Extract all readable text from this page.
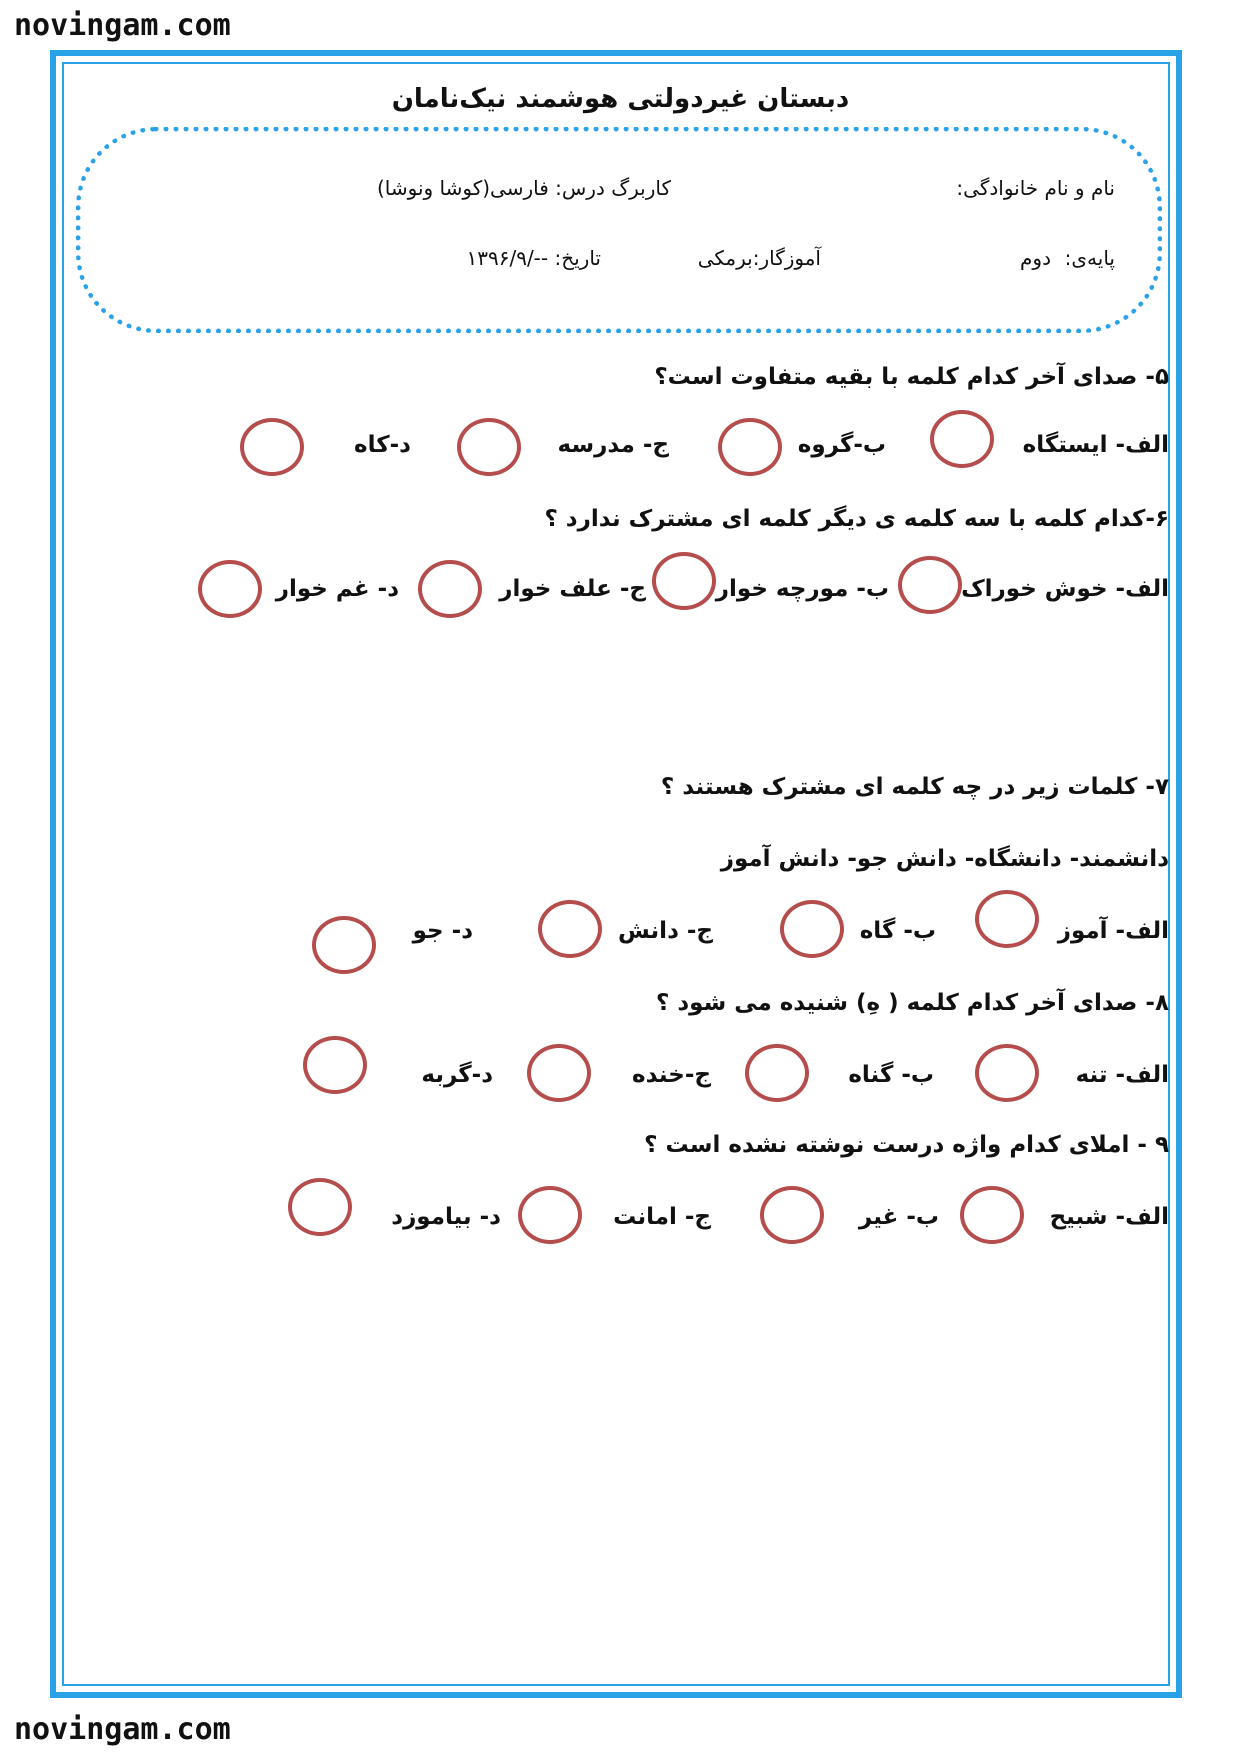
novingam.com
novingam.com
دبستان غیردولتی هوشمند نیک‌نامان
نام و نام خانوادگی:
کاربرگ درس: فارسی(کوشا ونوشا)
پایه‌ی:
دوم
آموزگار:برمکی
تاریخ: --/۱۳۹۶/۹
۵- صدای آخر کدام کلمه با بقیه متفاوت است؟
الف- ایستگاه
ب-گروه
ج- مدرسه
د-کاه
۶-کدام کلمه با سه کلمه ی دیگر کلمه ای مشترک ندارد ؟
الف- خوش خوراک
ب- مورچه خوار
ج- علف خوار
د- غم خوار
۷- کلمات زیر در چه کلمه ای مشترک هستند ؟
دانشمند- دانشگاه- دانش جو- دانش آموز
الف- آموز
ب- گاه
ج- دانش
د- جو
۸- صدای آخر کدام کلمه ( هِ) شنیده می شود ؟
الف- تنه
ب- گناه
ج-خنده
د-گربه
۹ - املای کدام واژه درست نوشته نشده است ؟
الف- شبیح
ب- غیر
ج- امانت
د- بیاموزد
